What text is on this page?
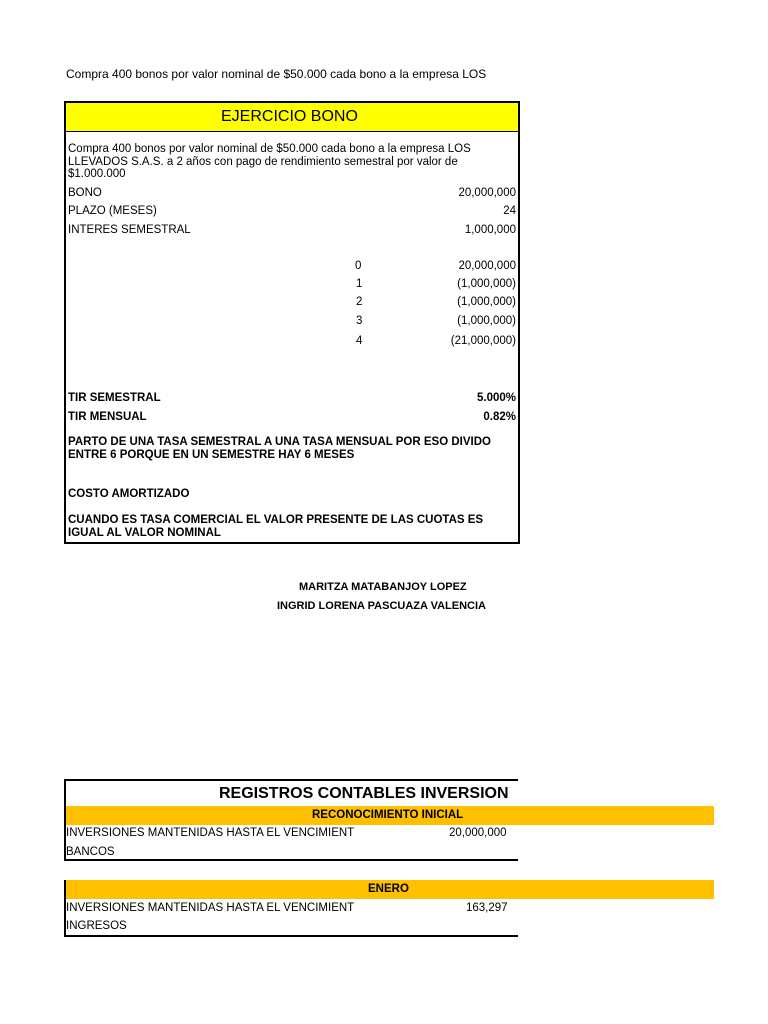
Compra 400 bonos por valor nominal de $50.000 cada bono a la empresa LOS
EJERCICIO BONO
Compra 400 bonos por valor nominal de $50.000 cada bono a la empresa LOS LLEVADOS S.A.S. a 2 años con pago de rendimiento semestral por valor de $1.000.000
BONO	20,000,000
PLAZO (MESES)	24
INTERES SEMESTRAL	1,000,000
0	20,000,000
1	(1,000,000)
2	(1,000,000)
3	(1,000,000)
4	(21,000,000)
TIR SEMESTRAL	5.000%
TIR MENSUAL	0.82%
PARTO DE UNA TASA SEMESTRAL A UNA TASA MENSUAL POR ESO DIVIDO ENTRE 6 PORQUE EN UN SEMESTRE HAY 6 MESES
COSTO AMORTIZADO
CUANDO ES TASA COMERCIAL EL VALOR PRESENTE DE LAS CUOTAS ES IGUAL AL VALOR NOMINAL
MARITZA MATABANJOY LOPEZ
INGRID LORENA PASCUAZA VALENCIA
REGISTROS CONTABLES INVERSION
RECONOCIMIENTO INICIAL
INVERSIONES MANTENIDAS HASTA EL VENCIMIENT	20,000,000
BANCOS
ENERO
INVERSIONES MANTENIDAS HASTA EL VENCIMIENT	163,297
INGRESOS
